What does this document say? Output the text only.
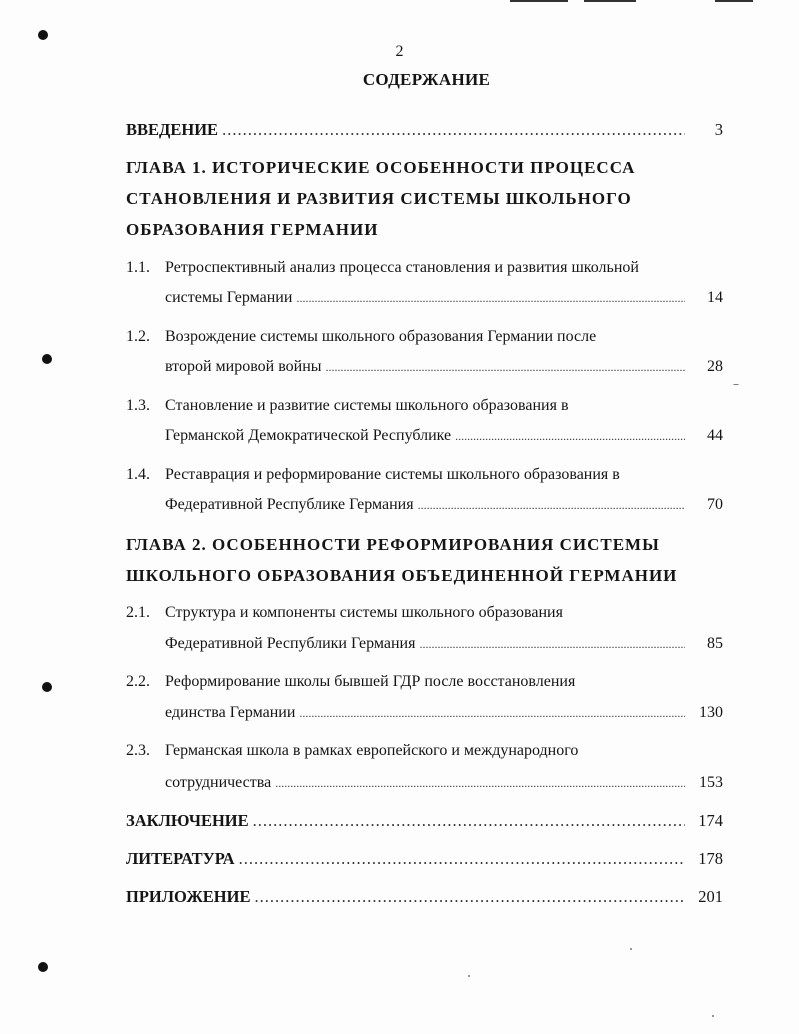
2
СОДЕРЖАНИЕ
ВВЕДЕНИЕ .....	3
ГЛАВА 1. ИСТОРИЧЕСКИЕ ОСОБЕННОСТИ ПРОЦЕССА
СТАНОВЛЕНИЯ И РАЗВИТИЯ СИСТЕМЫ ШКОЛЬНОГО
ОБРАЗОВАНИЯ ГЕРМАНИИ
1.1. Ретроспективный анализ процесса становления и развития школьной
системы Германии .....	14
1.2. Возрождение системы школьного образования Германии после
второй мировой войны .....	28
1.3. Становление и развитие системы школьного образования в
Германской Демократической Республике .....	44
1.4. Реставрация и реформирование системы школьного образования в
Федеративной Республике Германия .....	70
ГЛАВА 2. ОСОБЕННОСТИ РЕФОРМИРОВАНИЯ СИСТЕМЫ
ШКОЛЬНОГО ОБРАЗОВАНИЯ ОБЪЕДИНЕННОЙ ГЕРМАНИИ
2.1. Структура и компоненты системы школьного образования
Федеративной Республики Германия .....	85
2.2. Реформирование школы бывшей ГДР после восстановления
единства Германии .....	130
2.3. Германская школа в рамках европейского и международного
сотрудничества .....	153
ЗАКЛЮЧЕНИЕ .....	174
ЛИТЕРАТУРА .....	178
ПРИЛОЖЕНИЕ .....	201
